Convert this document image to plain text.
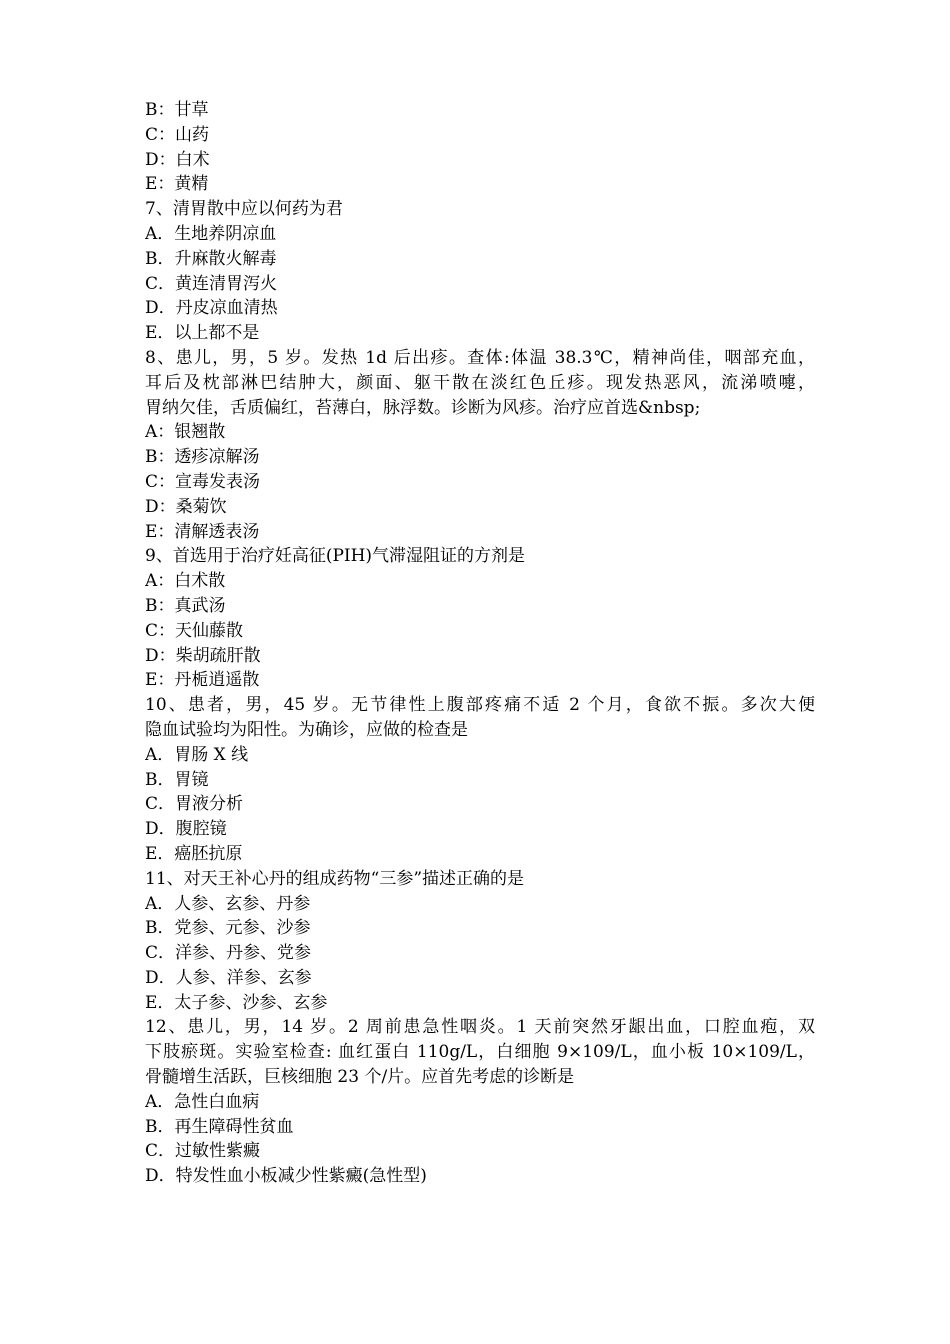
B：甘草
C：山药
D：白术
E：黄精
7、清胃散中应以何药为君
A．生地养阴凉血
B．升麻散火解毒
C．黄连清胃泻火
D．丹皮凉血清热
E．以上都不是
8、患儿，男，5 岁。发热 1d 后出疹。查体:体温 38.3℃，精神尚佳，咽部充血，
耳后及枕部淋巴结肿大，颜面、躯干散在淡红色丘疹。现发热恶风，流涕喷嚏，
胃纳欠佳，舌质偏红，苔薄白，脉浮数。诊断为风疹。治疗应首选&nbsp;
A：银翘散
B：透疹凉解汤
C：宣毒发表汤
D：桑菊饮
E：清解透表汤
9、首选用于治疗妊高征(PIH)气滞湿阻证的方剂是
A：白术散
B：真武汤
C：天仙藤散
D：柴胡疏肝散
E：丹栀逍遥散
10、患者，男，45 岁。无节律性上腹部疼痛不适 2 个月，食欲不振。多次大便
隐血试验均为阳性。为确诊，应做的检查是
A．胃肠 X 线
B．胃镜
C．胃液分析
D．腹腔镜
E．癌胚抗原
11、对天王补心丹的组成药物“三参”描述正确的是
A．人参、玄参、丹参
B．党参、元参、沙参
C．洋参、丹参、党参
D．人参、洋参、玄参
E．太子参、沙参、玄参
12、患儿，男，14 岁。2 周前患急性咽炎。1 天前突然牙龈出血，口腔血疱，双
下肢瘀斑。实验室检查: 血红蛋白 110g/L，白细胞 9×109/L，血小板 10×109/L，
骨髓增生活跃，巨核细胞 23 个/片。应首先考虑的诊断是
A．急性白血病
B．再生障碍性贫血
C．过敏性紫癜
D．特发性血小板减少性紫癜(急性型)
